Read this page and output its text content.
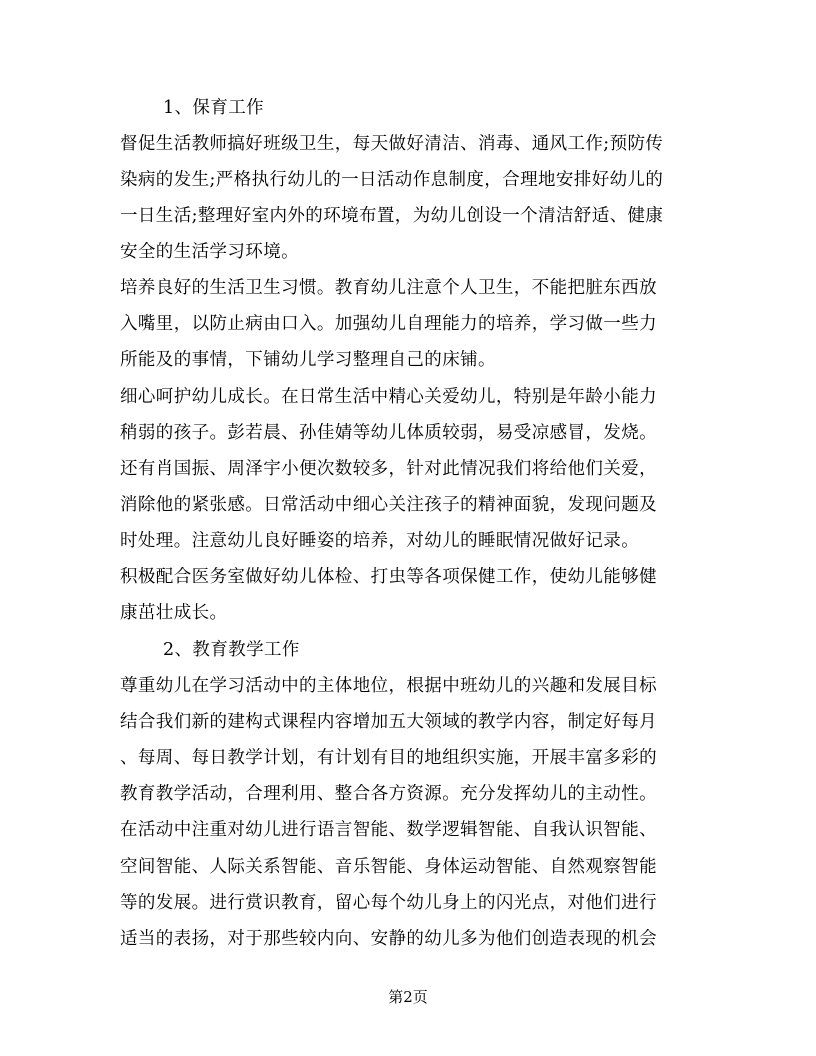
1、保育工作
督促生活教师搞好班级卫生，每天做好清洁、消毒、通风工作;预防传
染病的发生;严格执行幼儿的一日活动作息制度，合理地安排好幼儿的
一日生活;整理好室内外的环境布置，为幼儿创设一个清洁舒适、健康
安全的生活学习环境。
培养良好的生活卫生习惯。教育幼儿注意个人卫生，不能把脏东西放
入嘴里，以防止病由口入。加强幼儿自理能力的培养，学习做一些力
所能及的事情，下铺幼儿学习整理自己的床铺。
细心呵护幼儿成长。在日常生活中精心关爱幼儿，特别是年龄小能力
稍弱的孩子。彭若晨、孙佳婧等幼儿体质较弱，易受凉感冒，发烧。
还有肖国振、周泽宇小便次数较多，针对此情况我们将给他们关爱，
消除他的紧张感。日常活动中细心关注孩子的精神面貌，发现问题及
时处理。注意幼儿良好睡姿的培养，对幼儿的睡眠情况做好记录。
积极配合医务室做好幼儿体检、打虫等各项保健工作，使幼儿能够健
康茁壮成长。
2、教育教学工作
尊重幼儿在学习活动中的主体地位，根据中班幼儿的兴趣和发展目标
结合我们新的建构式课程内容增加五大领域的教学内容，制定好每月
、每周、每日教学计划，有计划有目的地组织实施，开展丰富多彩的
教育教学活动，合理利用、整合各方资源。充分发挥幼儿的主动性。
在活动中注重对幼儿进行语言智能、数学逻辑智能、自我认识智能、
空间智能、人际关系智能、音乐智能、身体运动智能、自然观察智能
等的发展。进行赏识教育，留心每个幼儿身上的闪光点，对他们进行
适当的表扬，对于那些较内向、安静的幼儿多为他们创造表现的机会
第2页
